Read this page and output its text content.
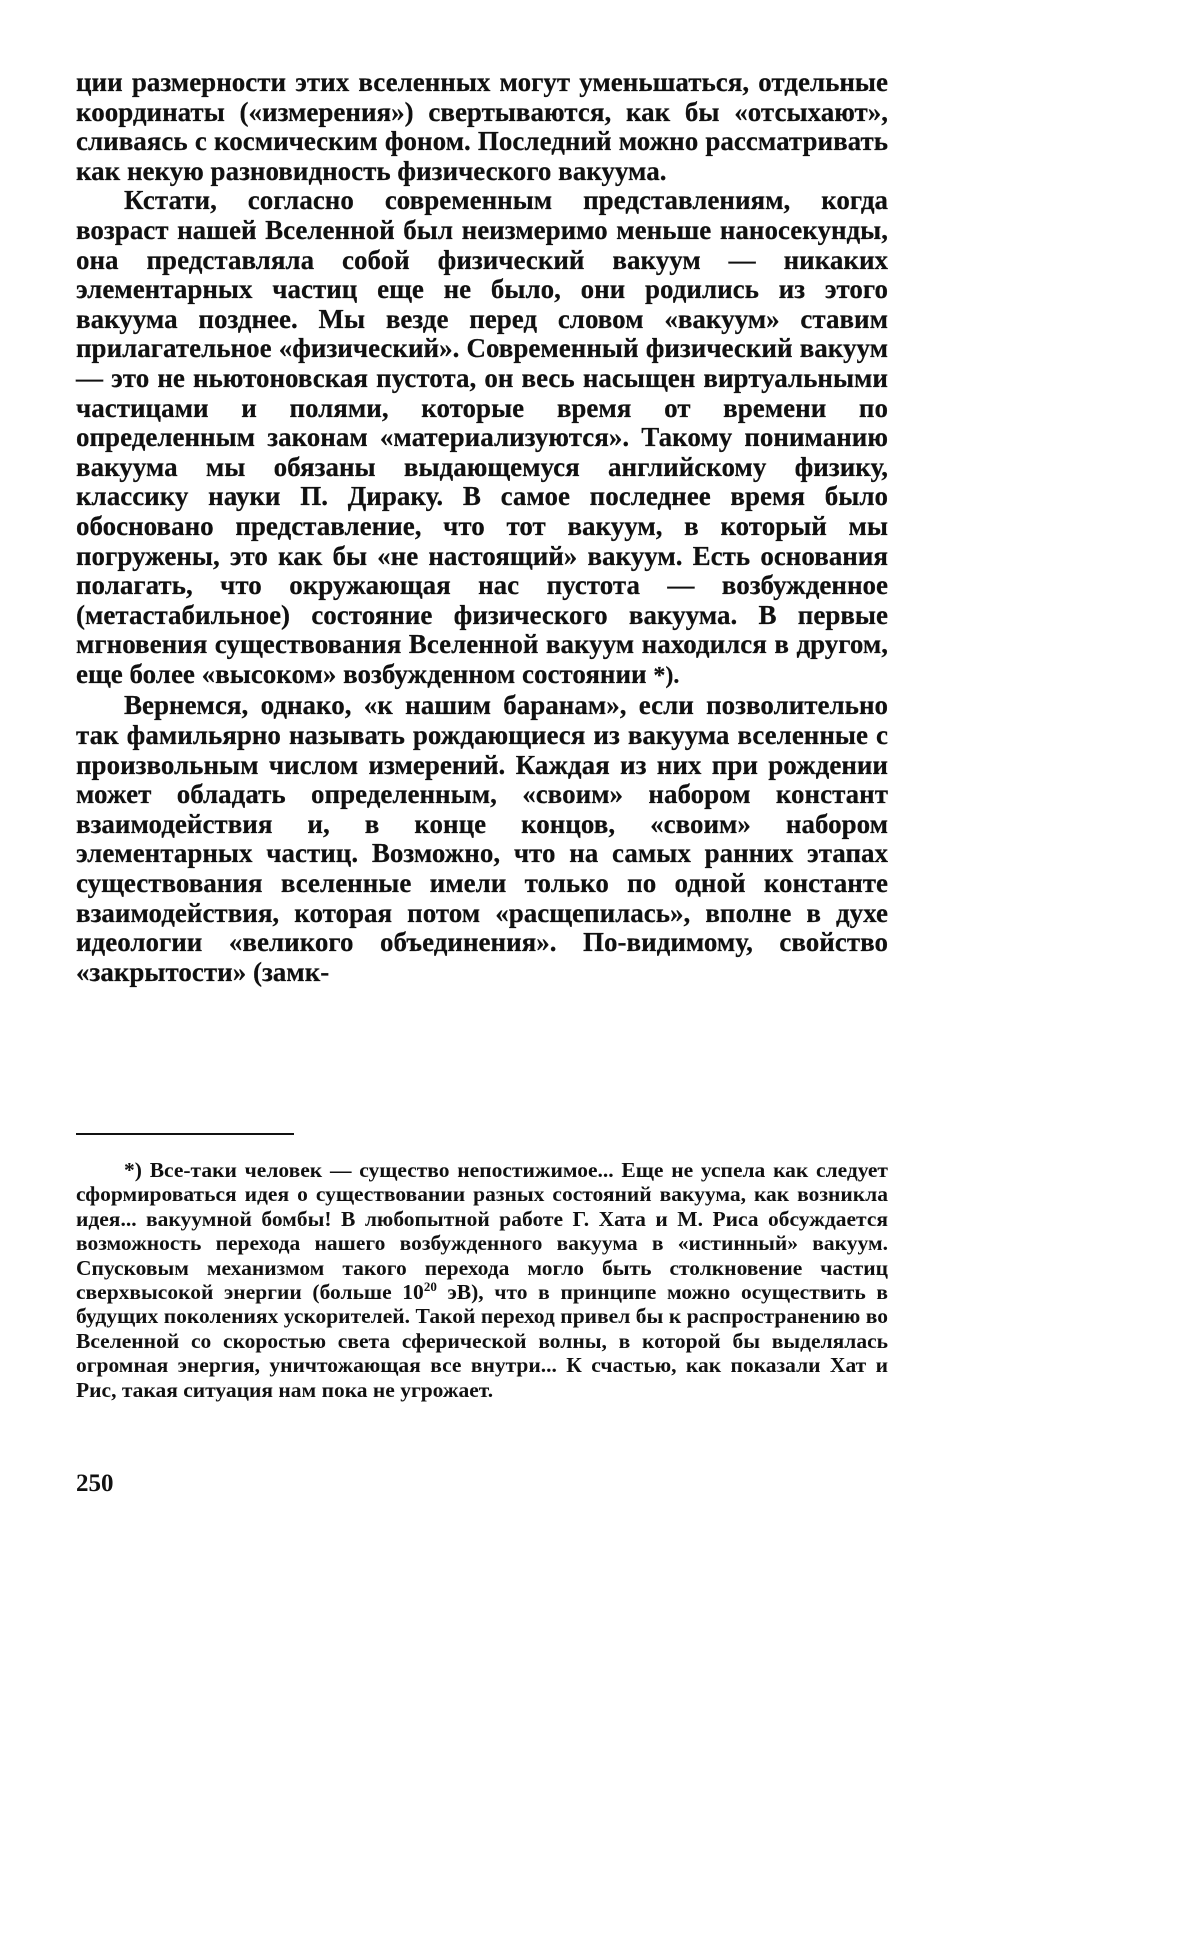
ции размерности этих вселенных могут уменьшаться, отдельные координаты («измерения») свертываются, как бы «отсыхают», сливаясь с космическим фоном. Последний можно рассматривать как некую разновидность физического вакуума.

Кстати, согласно современным представлениям, когда возраст нашей Вселенной был неизмеримо меньше наносекунды, она представляла собой физический вакуум — никаких элементарных частиц еще не было, они родились из этого вакуума позднее. Мы везде перед словом «вакуум» ставим прилагательное «физический». Современный физический вакуум — это не ньютоновская пустота, он весь насыщен виртуальными частицами и полями, которые время от времени по определенным законам «материализуются». Такому пониманию вакуума мы обязаны выдающемуся английскому физику, классику науки П. Дираку. В самое последнее время было обосновано представление, что тот вакуум, в который мы погружены, это как бы «не настоящий» вакуум. Есть основания полагать, что окружающая нас пустота — возбужденное (метастабильное) состояние физического вакуума. В первые мгновения существования Вселенной вакуум находился в другом, еще более «высоком» возбужденном состоянии *).

Вернемся, однако, «к нашим баранам», если позволительно так фамильярно называть рождающиеся из вакуума вселенные с произвольным числом измерений. Каждая из них при рождении может обладать определенным, «своим» набором констант взаимодействия и, в конце концов, «своим» набором элементарных частиц. Возможно, что на самых ранних этапах существования вселенные имели только по одной константе взаимодействия, которая потом «расщепилась», вполне в духе идеологии «великого объединения». По-видимому, свойство «закрытости» (замк-

*) Все-таки человек — существо непостижимое... Еще не успела как следует сформироваться идея о существовании разных состояний вакуума, как возникла идея... вакуумной бомбы! В любопытной работе Г. Хата и М. Риса обсуждается возможность перехода нашего возбужденного вакуума в «истинный» вакуум. Спусковым механизмом такого перехода могло быть столкновение частиц сверхвысокой энергии (больше $10^{20}$ эВ), что в принципе можно осуществить в будущих поколениях ускорителей. Такой переход привел бы к распространению во Вселенной со скоростью света сферической волны, в которой бы выделялась огромная энергия, уничтожающая все внутри... К счастью, как показали Хат и Рис, такая ситуация нам пока не угрожает.

250
